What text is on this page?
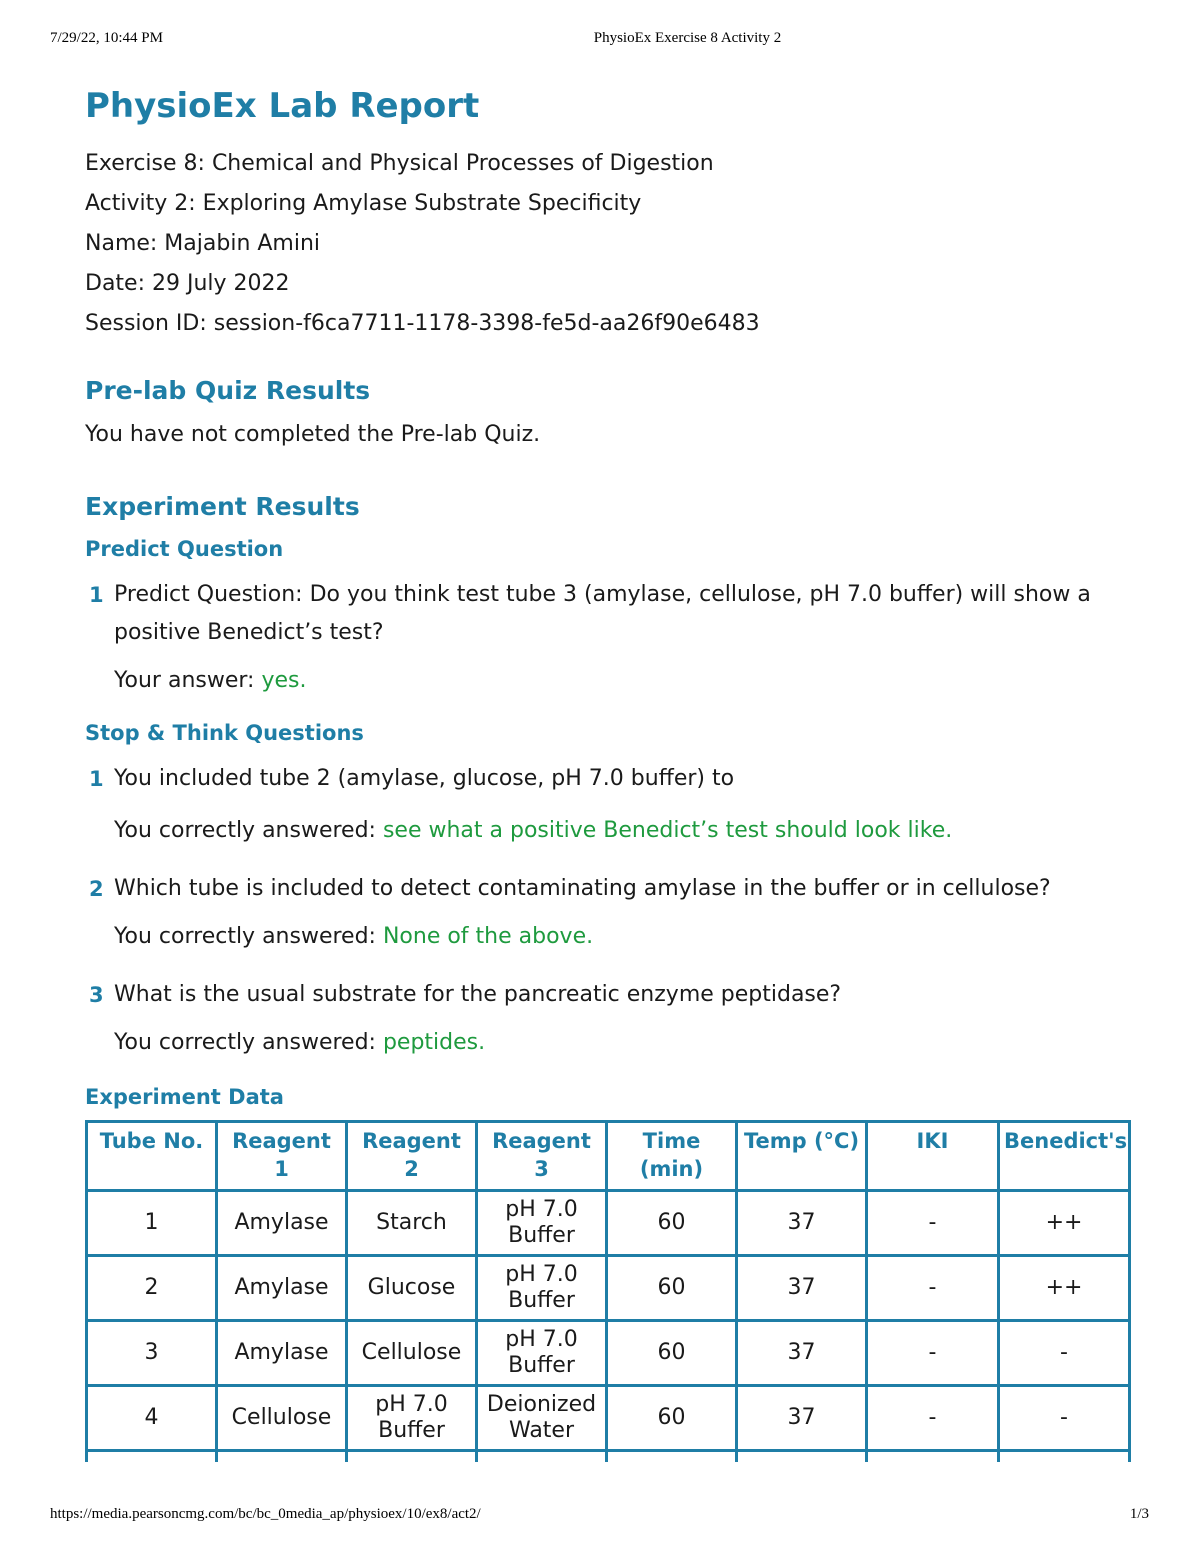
7/29/22, 10:44 PM	PhysioEx Exercise 8 Activity 2
PhysioEx Lab Report

Exercise 8: Chemical and Physical Processes of Digestion

Activity 2: Exploring Amylase Substrate Specificity

Name: Majabin Amini

Date: 29 July 2022

Session ID: session-f6ca7711-1178-3398-fe5d-aa26f90e6483

Pre-lab Quiz Results

You have not completed the Pre-lab Quiz.

Experiment Results
Predict Question
1 Predict Question: Do you think test tube 3 (amylase, cellulose, pH 7.0 buffer) will show a positive Benedict’s test?
Your answer: yes.
Stop & Think Questions
1 You included tube 2 (amylase, glucose, pH 7.0 buffer) to
You correctly answered: see what a positive Benedict’s test should look like.
2 Which tube is included to detect contaminating amylase in the buffer or in cellulose?
You correctly answered: None of the above.
3 What is the usual substrate for the pancreatic enzyme peptidase?
You correctly answered: peptides.
Experiment Data
Tube No.	Reagent 1	Reagent 2	Reagent 3	Time (min)	Temp (°C)	IKI	Benedict's
1	Amylase	Starch	pH 7.0 Buffer	60	37	-	++
2	Amylase	Glucose	pH 7.0 Buffer	60	37	-	++
3	Amylase	Cellulose	pH 7.0 Buffer	60	37	-	-
4	Cellulose	pH 7.0 Buffer	Deionized Water	60	37	-	-

https://media.pearsoncmg.com/bc/bc_0media_ap/physioex/10/ex8/act2/	1/3
